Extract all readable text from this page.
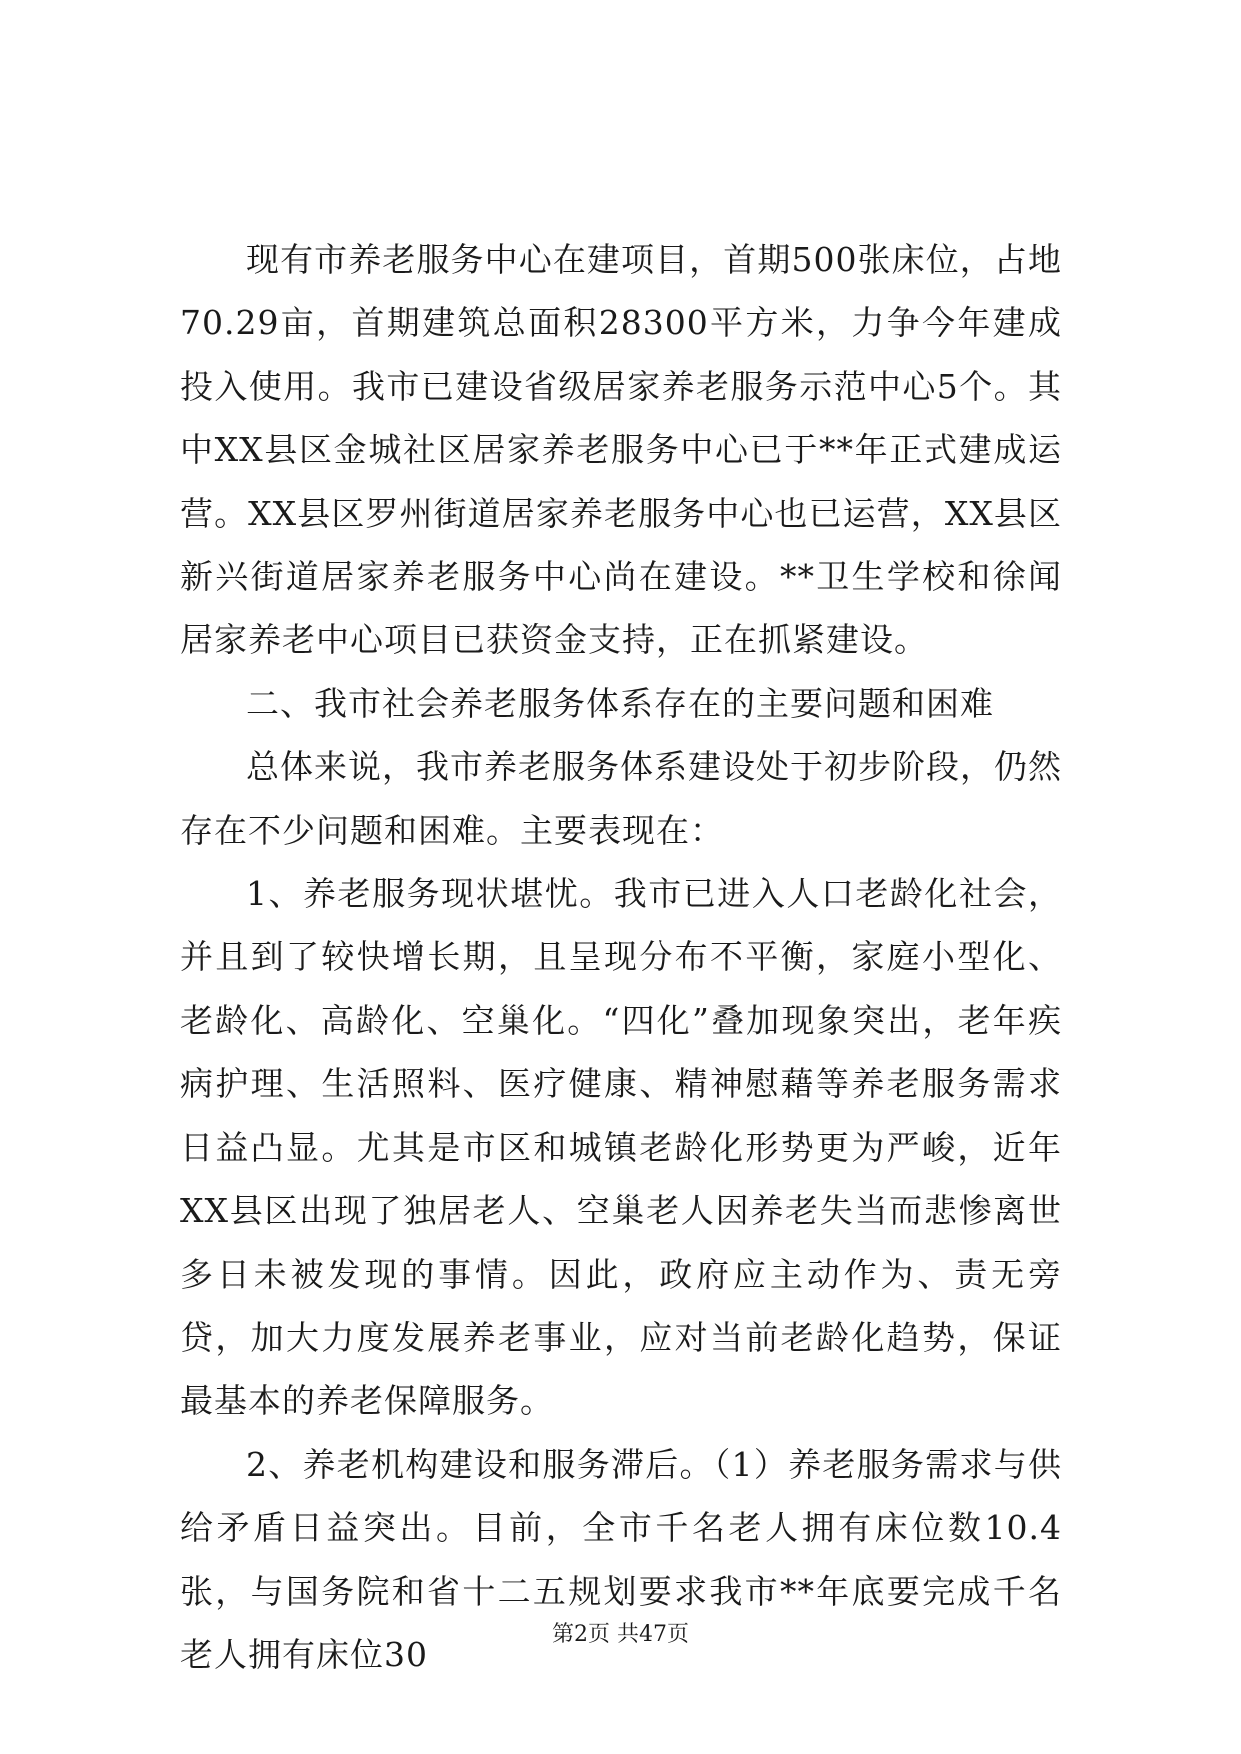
现有市养老服务中心在建项目，首期500张床位，占地70.29亩，首期建筑总面积28300平方米，力争今年建成投入使用。我市已建设省级居家养老服务示范中心5个。其中XX县区金城社区居家养老服务中心已于**年正式建成运营。XX县区罗州街道居家养老服务中心也已运营，XX县区新兴街道居家养老服务中心尚在建设。**卫生学校和徐闻居家养老中心项目已获资金支持，正在抓紧建设。

二、我市社会养老服务体系存在的主要问题和困难

总体来说，我市养老服务体系建设处于初步阶段，仍然存在不少问题和困难。主要表现在：

1、养老服务现状堪忧。我市已进入人口老龄化社会，并且到了较快增长期，且呈现分布不平衡，家庭小型化、老龄化、高龄化、空巢化。“四化”叠加现象突出，老年疾病护理、生活照料、医疗健康、精神慰藉等养老服务需求日益凸显。尤其是市区和城镇老龄化形势更为严峻，近年XX县区出现了独居老人、空巢老人因养老失当而悲惨离世多日未被发现的事情。因此，政府应主动作为、责无旁贷，加大力度发展养老事业，应对当前老龄化趋势，保证最基本的养老保障服务。

2、养老机构建设和服务滞后。（1）养老服务需求与供给矛盾日益突出。目前，全市千名老人拥有床位数10.4张，与国务院和省十二五规划要求我市**年底要完成千名老人拥有床位30

第2页 共47页
